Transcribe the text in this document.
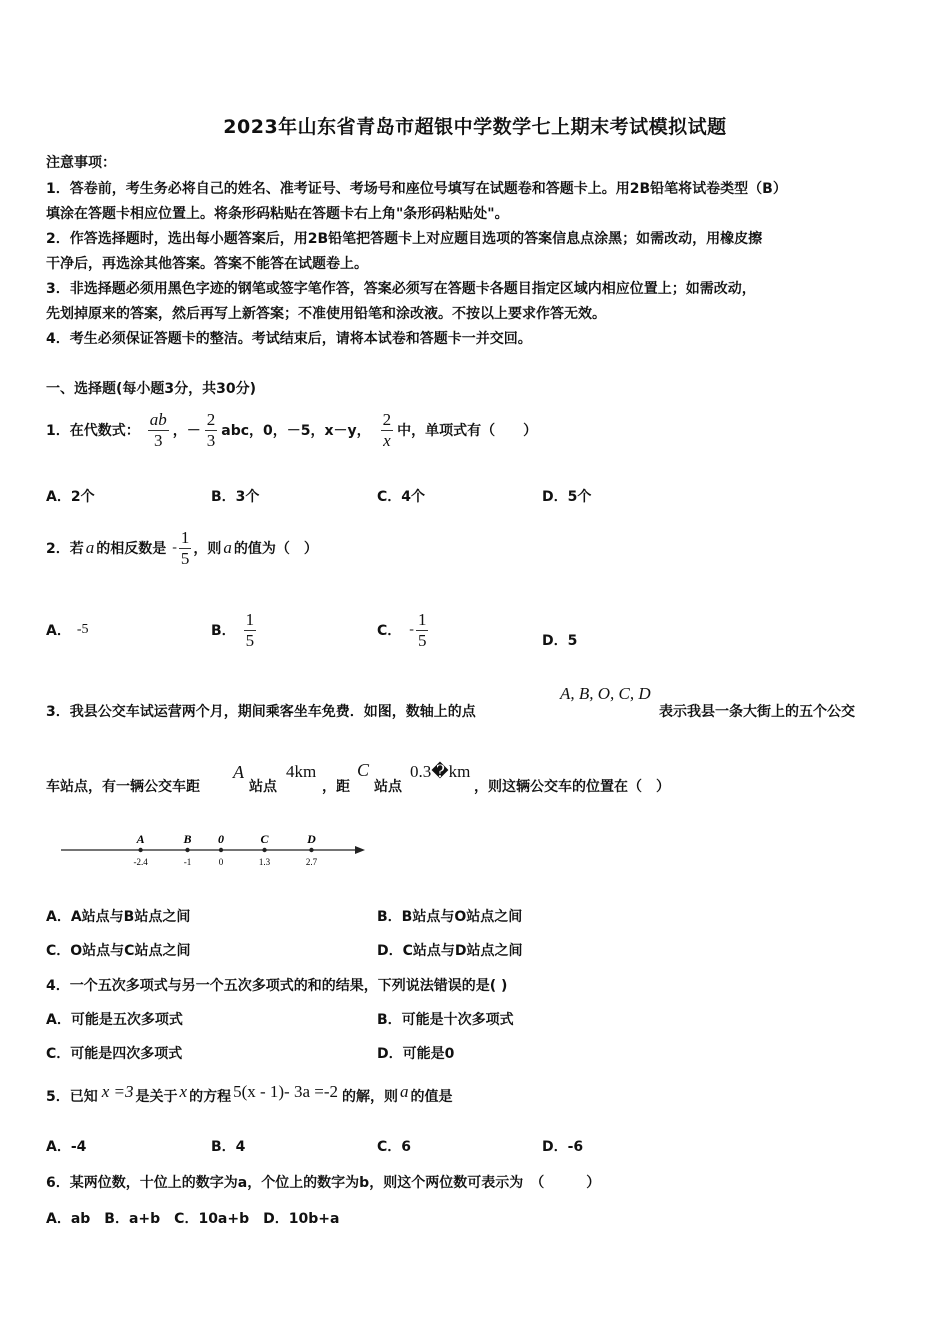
2023年山东省青岛市超银中学数学七上期末考试模拟试题
注意事项：
1．答卷前，考生务必将自己的姓名、准考证号、考场号和座位号填写在试题卷和答题卡上。用2B铅笔将试卷类型（B）
填涂在答题卡相应位置上。将条形码粘贴在答题卡右上角"条形码粘贴处"。
2．作答选择题时，选出每小题答案后，用2B铅笔把答题卡上对应题目选项的答案信息点涂黑；如需改动，用橡皮擦
干净后，再选涂其他答案。答案不能答在试题卷上。
3．非选择题必须用黑色字迹的钢笔或签字笔作答，答案必须写在答题卡各题目指定区域内相应位置上；如需改动，
先划掉原来的答案，然后再写上新答案；不准使用铅笔和涂改液。不按以上要求作答无效。
4．考生必须保证答题卡的整洁。考试结束后，请将本试卷和答题卡一并交回。
一、选择题(每小题3分，共30分)
1．在代数式： $\frac{ab}{3}$ ，－ $\frac{2}{3}$ abc，0，－5，x－y， $\frac{2}{x}$ 中，单项式有（　　）
A．2个	B．3个	C．4个	D．5个
2．若 a 的相反数是 - $\frac{1}{5}$ ，则 a 的值为（　）
A． -5	B． $\frac{1}{5}$	C． - $\frac{1}{5}$	D．5
3．我县公交车试运营两个月，期间乘客坐车免费．如图，数轴上的点
A, B, O, C, D
表示我县一条大街上的五个公交
车站点，有一辆公交车距
A
站点
4km
，距
C
站点
0.3�km
，则这辆公交车的位置在（　）
A
-2.4
B
-1
0
0
C
1.3
D
2.7
A．A站点与B站点之间	B．B站点与O站点之间
C．O站点与C站点之间	D．C站点与D站点之间
4．一个五次多项式与另一个五次多项式的和的结果，下列说法错误的是( )
A．可能是五次多项式	B．可能是十次多项式
C．可能是四次多项式	D．可能是0
5．已知 x =3 是关于 x 的方程 5(x - 1)- 3a =-2 的解，则 a 的值是
A．-4	B．4	C．6	D．-6
6．某两位数，十位上的数字为a，个位上的数字为b，则这个两位数可表示为　（　　　）
A．ab　B．a+b　C．10a+b　D．10b+a
